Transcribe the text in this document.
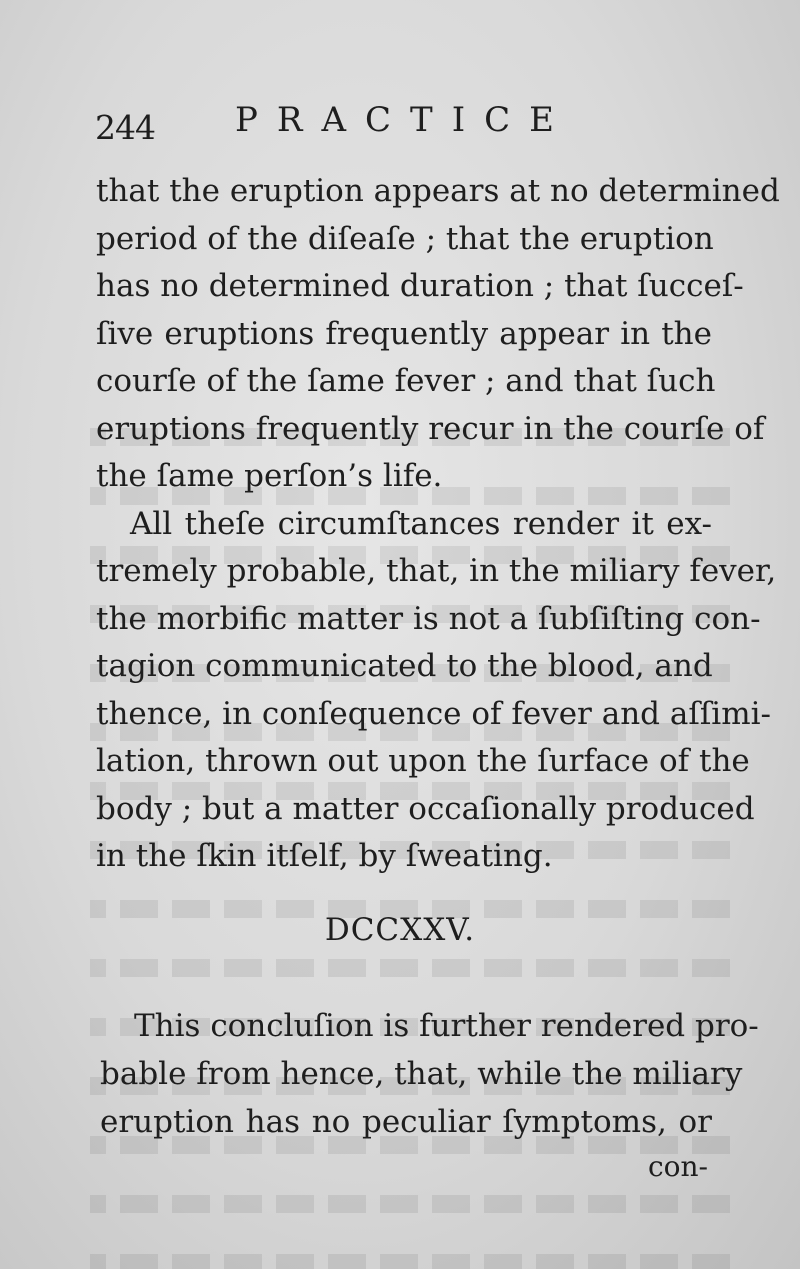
244 PRACTICE
that the eruption appears at no determined
period of the diſeaſe ; that the eruption
has no determined duration ; that ſucceſ-
ſive eruptions frequently appear in the
courſe of the ſame fever ; and that ſuch
eruptions frequently recur in the courſe of
the ſame perſon’s life.
All theſe circumſtances render it ex-
tremely probable, that, in the miliary fever,
the morbific matter is not a ſubſiſting con-
tagion communicated to the blood, and
thence, in conſequence of fever and aſſimi-
lation, thrown out upon the ſurface of the
body ; but a matter occaſionally produced
in the ſkin itſelf, by ſweating.
DCCXXV.
This concluſion is further rendered pro-
bable from hence, that, while the miliary
eruption has no peculiar ſymptoms, or
con-
